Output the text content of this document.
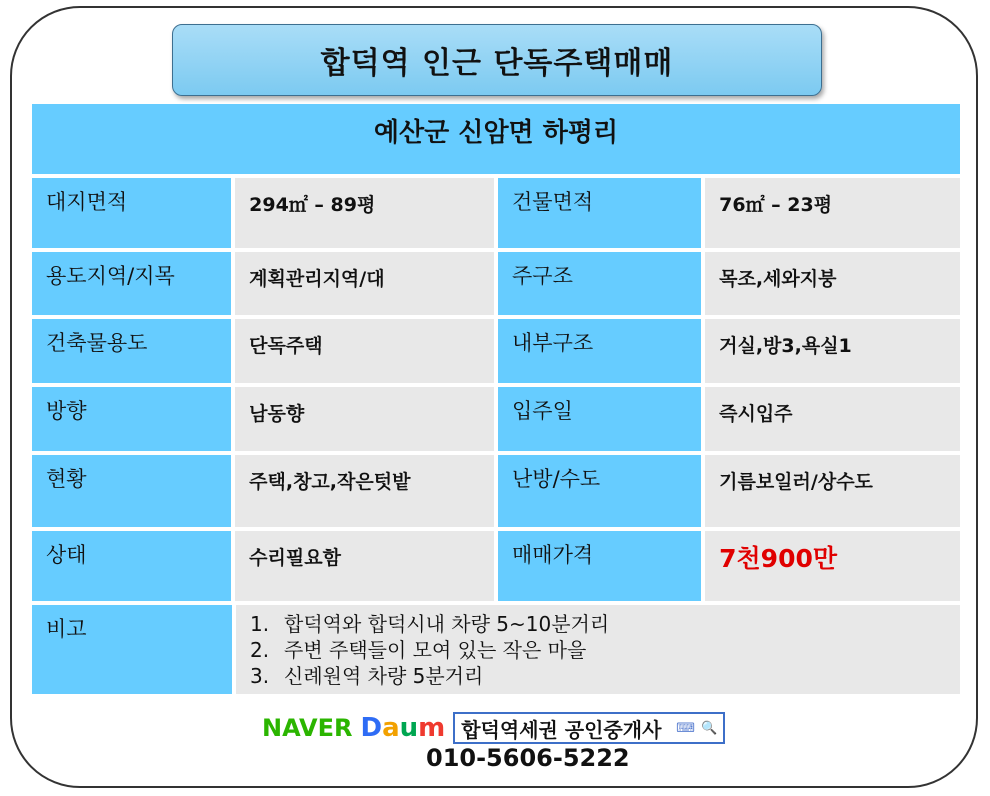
합덕역 인근 단독주택매매
예산군 신암면 하평리
대지면적	294㎡ – 89평	건물면적	76㎡ – 23평
용도지역/지목	계획관리지역/대	주구조	목조,세와지붕
건축물용도	단독주택	내부구조	거실,방3,욕실1
방향	남동향	입주일	즉시입주
현황	주택,창고,작은텃밭	난방/수도	기름보일러/상수도
상태	수리필요함	매매가격	7천900만
비고	1. 합덕역와 합덕시내 차량 5~10분거리
2. 주변 주택들이 모여 있는 작은 마을
3. 신례원역 차량 5분거리
NAVER Daum 합덕역세권 공인중개사	⌨ 🔍
010-5606-5222
